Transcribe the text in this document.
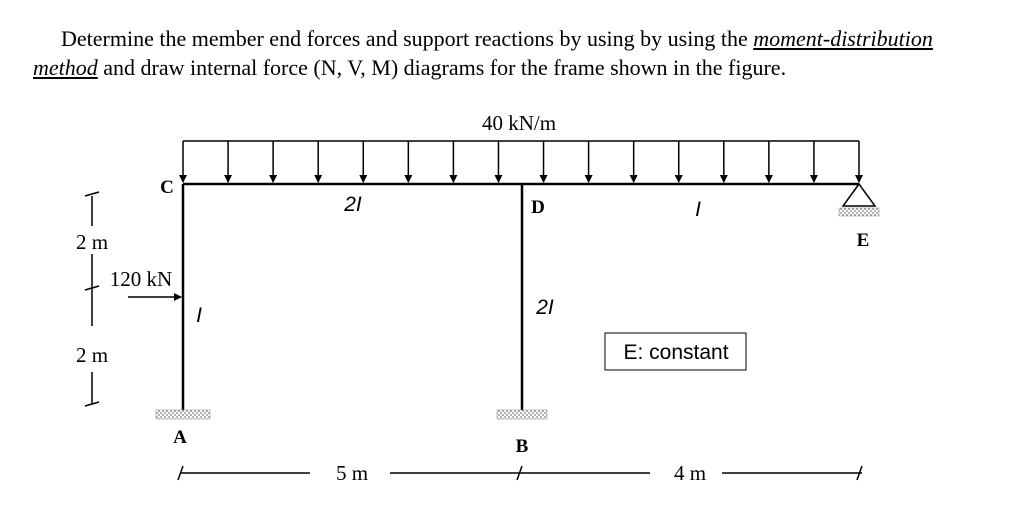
Determine the member end forces and support reactions by using by using the moment-distribution
method and draw internal force (N, V, M) diagrams for the frame shown in the figure.
40 kN/m
120 kN
C
D
E
A	B
2I	I
I	2I
E: constant
2 m
2 m
5 m	4 m
